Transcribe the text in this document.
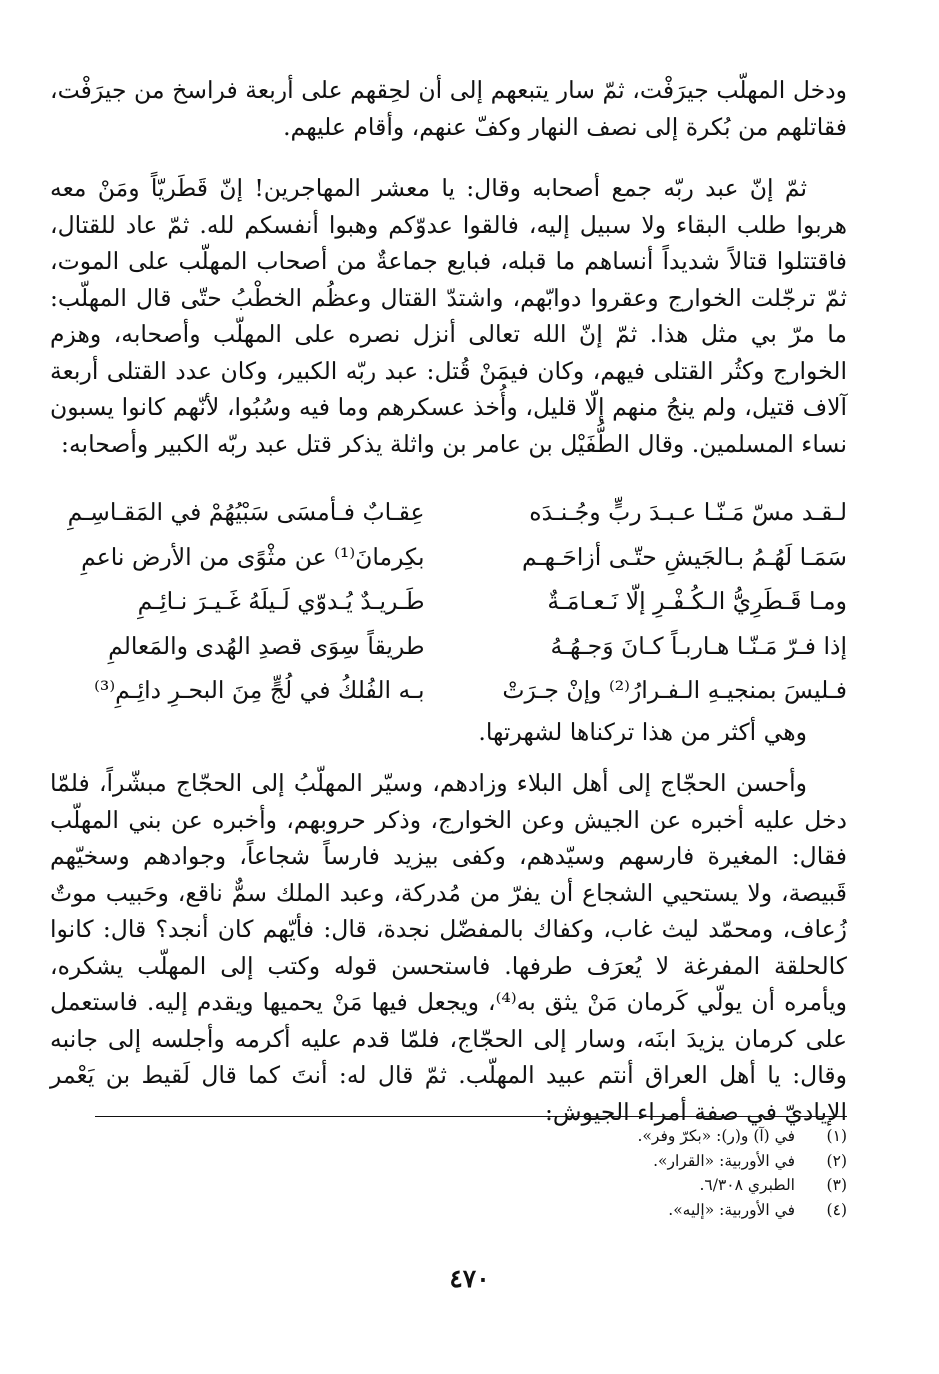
ودخل المهلّب جيرَفْت، ثمّ سار يتبعهم إلى أن لحِقهم على أربعة فراسخ من جيرَفْت، فقاتلهم من بُكرة إلى نصف النهار وكفّ عنهم، وأقام عليهم.

ثمّ إنّ عبد ربّه جمع أصحابه وقال: يا معشر المهاجرين! إنّ قَطَريّاً ومَنْ معه هربوا طلب البقاء ولا سبيل إليه، فالقوا عدوّكم وهبوا أنفسكم لله. ثمّ عاد للقتال، فاقتتلوا قتالاً شديداً أنساهم ما قبله، فبايع جماعةٌ من أصحاب المهلّب على الموت، ثمّ ترجّلت الخوارج وعقروا دوابّهم، واشتدّ القتال وعظُم الخطْبُ حتّى قال المهلّب: ما مرّ بي مثل هذا. ثمّ إنّ الله تعالى أنزل نصره على المهلّب وأصحابه، وهزم الخوارج وكثُر القتلى فيهم، وكان فيمَنْ قُتل: عبد ربّه الكبير، وكان عدد القتلى أربعة آلاف قتيل، ولم ينجُ منهم إلّا قليل، وأُخذ عسكرهم وما فيه وسُبُوا، لأنّهم كانوا يسبون نساء المسلمين. وقال الطُّفَيْل بن عامر بن واثلة يذكر قتل عبد ربّه الكبير وأصحابه:

لـقـد مسّ مَـنّـا عـبـدَ ربٍّ وجُـنـدَه
عِقـابٌ فـأمسَى سَبْيُهُمْ في المَقـاسِـمِ
سَمَـا لَهُـمُ بـالجَيشِ حتّـى أزاحَـهـم
بكِرمانَ⁽¹⁾ عن مثْوًى من الأرض ناعمِ
ومـا قَـطَرِيُّ الـكُـفْـرِ إلّا نَـعـامَـةٌ
طَـريـدٌ يُـدوّي لَـيلَهُ غَـيـرَ نـائِـمِ
إذا فـرّ مَـنّـا هـاربـاً كـانَ وَجـهُـهُ
طريقاً سِوَى قصدِ الهُدى والمَعالمِ
فـليسَ بمنجيـهِ الـفـرارُ⁽²⁾ وإنْ جـرَتْ
بـه الفُلكُ في لُجٍّ مِنَ البحـرِ دائِـمِ⁽³⁾

وهي أكثر من هذا تركناها لشهرتها.

وأحسن الحجّاج إلى أهل البلاء وزادهم، وسيّر المهلّبُ إلى الحجّاج مبشّراً، فلمّا دخل عليه أخبره عن الجيش وعن الخوارج، وذكر حروبهم، وأخبره عن بني المهلّب فقال: المغيرة فارسهم وسيّدهم، وكفى بيزيد فارساً شجاعاً، وجوادهم وسخيّهم قَبيصة، ولا يستحيي الشجاع أن يفرّ من مُدركة، وعبد الملك سمٌّ ناقع، وحَبيب موتٌ زُعاف، ومحمّد ليث غاب، وكفاك بالمفضّل نجدة، قال: فأيّهم كان أنجد؟ قال: كانوا كالحلقة المفرغة لا يُعرَف طرفها. فاستحسن قوله وكتب إلى المهلّب يشكره، ويأمره أن يولّي كَرمان مَنْ يثق به⁽⁴⁾، ويجعل فيها مَنْ يحميها ويقدم إليه. فاستعمل على كرمان يزيدَ ابنَه، وسار إلى الحجّاج، فلمّا قدم عليه أكرمه وأجلسه إلى جانبه وقال: يا أهل العراق أنتم عبيد المهلّب. ثمّ قال له: أنتَ كما قال لَقيط بن يَعْمر الإياديّ في صفة أمراء الجيوش:

(١)
في (آ) و(ر): «بكرّ وفر».
(٢)
في الأوربية: «القرار».
(٣)
الطبري ٦/٣٠٨.
(٤)
في الأوربية: «إليه».
٤٧٠
